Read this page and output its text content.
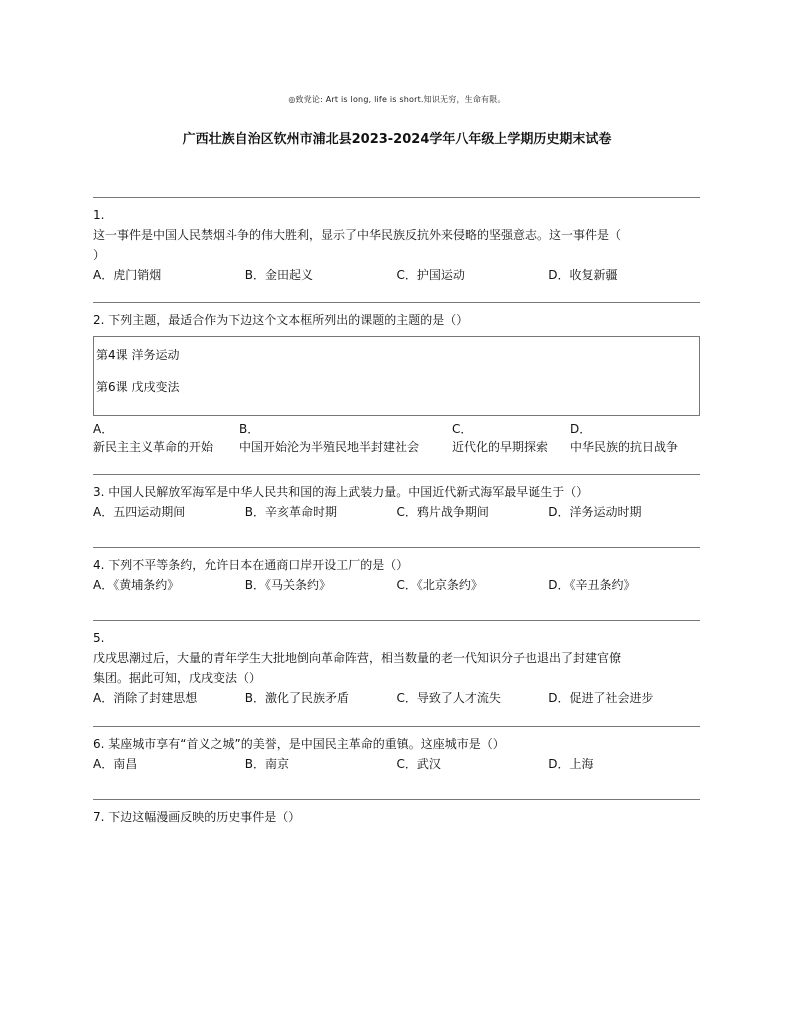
◎致党论: Art is long, life is short.知识无穷，生命有限。
广西壮族自治区钦州市浦北县2023-2024学年八年级上学期历史期末试卷
1.
这一事件是中国人民禁烟斗争的伟大胜利，显示了中华民族反抗外来侵略的坚强意志。这一事件是（
）
A．虎门销烟	B．金田起义	C．护国运动	D．收复新疆
2. 下列主题，最适合作为下边这个文本框所列出的课题的主题的是（）
第4课 洋务运动
第6课 戊戌变法
A．
新民主主义革命的开始
B．
中国开始沦为半殖民地半封建社会
C．
近代化的早期探索
D．
中华民族的抗日战争
3. 中国人民解放军海军是中华人民共和国的海上武装力量。中国近代新式海军最早诞生于（）
A．五四运动期间	B．辛亥革命时期	C．鸦片战争期间	D．洋务运动时期
4. 下列不平等条约，允许日本在通商口岸开设工厂的是（）
A．《黄埔条约》	B．《马关条约》	C．《北京条约》	D．《辛丑条约》
5.
戊戌思潮过后，大量的青年学生大批地倒向革命阵营，相当数量的老一代知识分子也退出了封建官僚
集团。据此可知，戊戌变法（）
A．消除了封建思想	B．激化了民族矛盾	C．导致了人才流失	D．促进了社会进步
6. 某座城市享有“首义之城”的美誉，是中国民主革命的重镇。这座城市是（）
A．南昌	B．南京	C．武汉	D．上海
7. 下边这幅漫画反映的历史事件是（）
